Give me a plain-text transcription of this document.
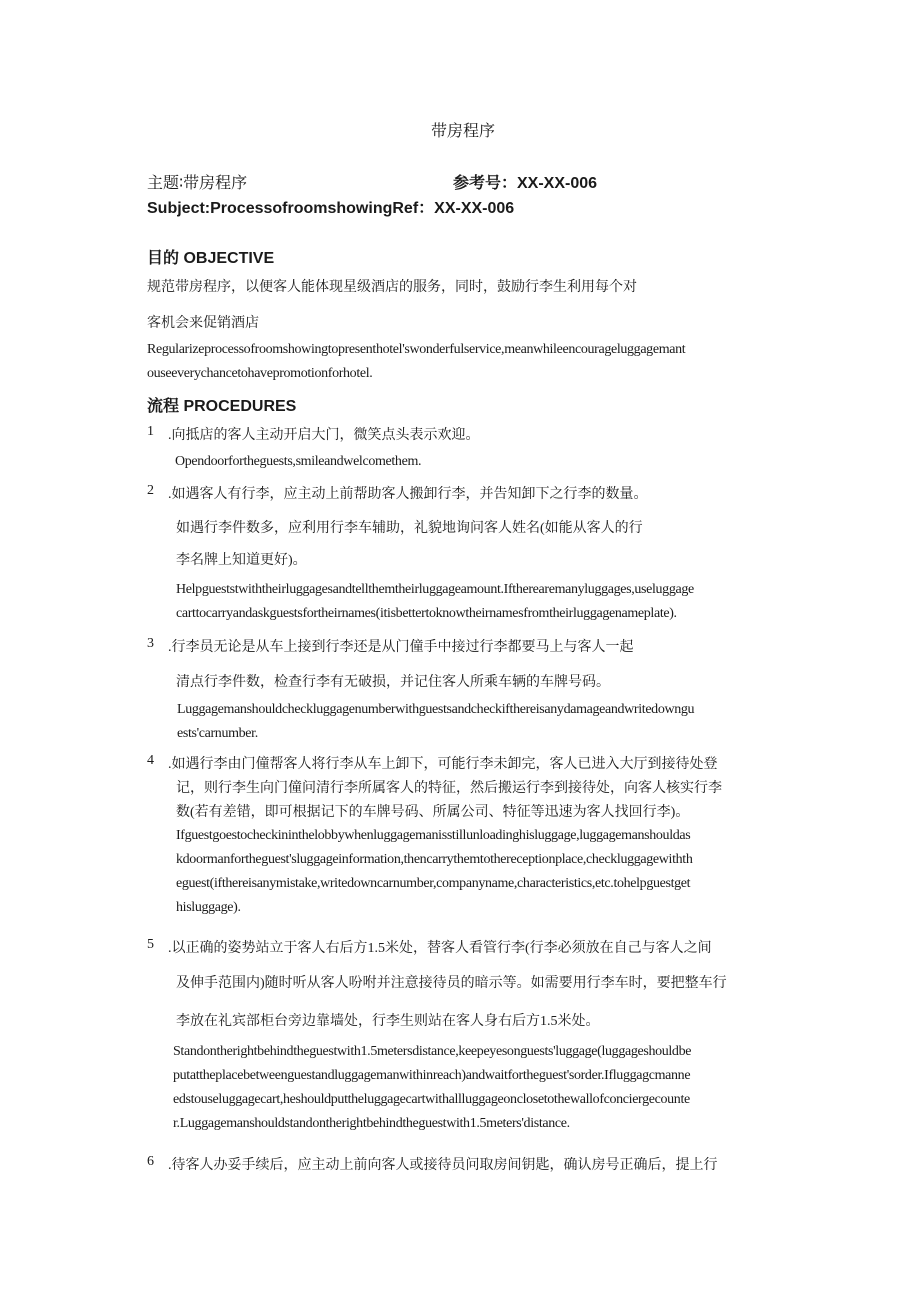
带房程序
主题∶带房程序	参考号：XX-XX-006
Subject:ProcessofroomshowingRef：XX-XX-006
目的 OBJECTIVE
规范带房程序，以便客人能体现星级酒店的服务，同时，鼓励行李生利用每个对
客机会来促销酒店
Regularizeprocessofroomshowingtopresenthotel'swonderfulservice,meanwhileencourageluggagemant
ouseeverychancetohavepromotionforhotel.
流程 PROCEDURES
1 .向抵店的客人主动开启大门，微笑点头表示欢迎。
Opendoorfortheguests,smileandwelcomethem.
2 .如遇客人有行李，应主动上前帮助客人搬卸行李，并告知卸下之行李的数量。
如遇行李件数多，应利用行李车辅助，礼貌地询问客人姓名(如能从客人的行
李名牌上知道更好)。
Helpgueststwiththeirluggagesandtellthemtheirluggageamount.Iftherearemanyluggages,useluggage
carttocarryandaskguestsfortheirnames(itisbettertoknowtheirnamesfromtheirluggagenameplate).
3 .行李员无论是从车上接到行李还是从门僮手中接过行李都要马上与客人一起
清点行李件数，检查行李有无破损，并记住客人所乘车辆的车牌号码。
Luggagemanshouldcheckluggagenumberwithguestsandcheckifthereisanydamageandwritedowngu
ests'carnumber.
4 .如遇行李由门僮帮客人将行李从车上卸下，可能行李未卸完，客人已进入大厅到接待处登
记，则行李生向门僮问清行李所属客人的特征，然后搬运行李到接待处，向客人核实行李
数(若有差错，即可根据记下的车牌号码、所属公司、特征等迅速为客人找回行李)。
Ifguestgoestocheckininthelobbywhenluggagemanisstillunloadinghisluggage,luggagemanshouldas
kdoormanfortheguest'sluggageinformation,thencarrythemtothereceptionplace,checkluggagewithth
eguest(ifthereisanymistake,writedowncarnumber,companyname,characteristics,etc.tohelpguestget
hisluggage).
5 .以正确的姿势站立于客人右后方1.5米处，替客人看管行李(行李必须放在自己与客人之间
及伸手范围内)随时听从客人吩咐并注意接待员的暗示等。如需要用行李车时，要把整车行
李放在礼宾部柜台旁边靠墙处，行李生则站在客人身右后方1.5米处。
Standontherightbehindtheguestwith1.5metersdistance,keepeyesonguests'luggage(luggageshouldbe
putattheplacebetweenguestandluggagemanwithinreach)andwaitfortheguest'sorder.Ifluggagcmanne
edstouseluggagecart,heshouldputtheluggagecartwithallluggageonclosetothewallofconciergecounte
r.Luggagemanshouldstandontherightbehindtheguestwith1.5meters'distance.
6 .待客人办妥手续后，应主动上前向客人或接待员问取房间钥匙，确认房号正确后，提上行
